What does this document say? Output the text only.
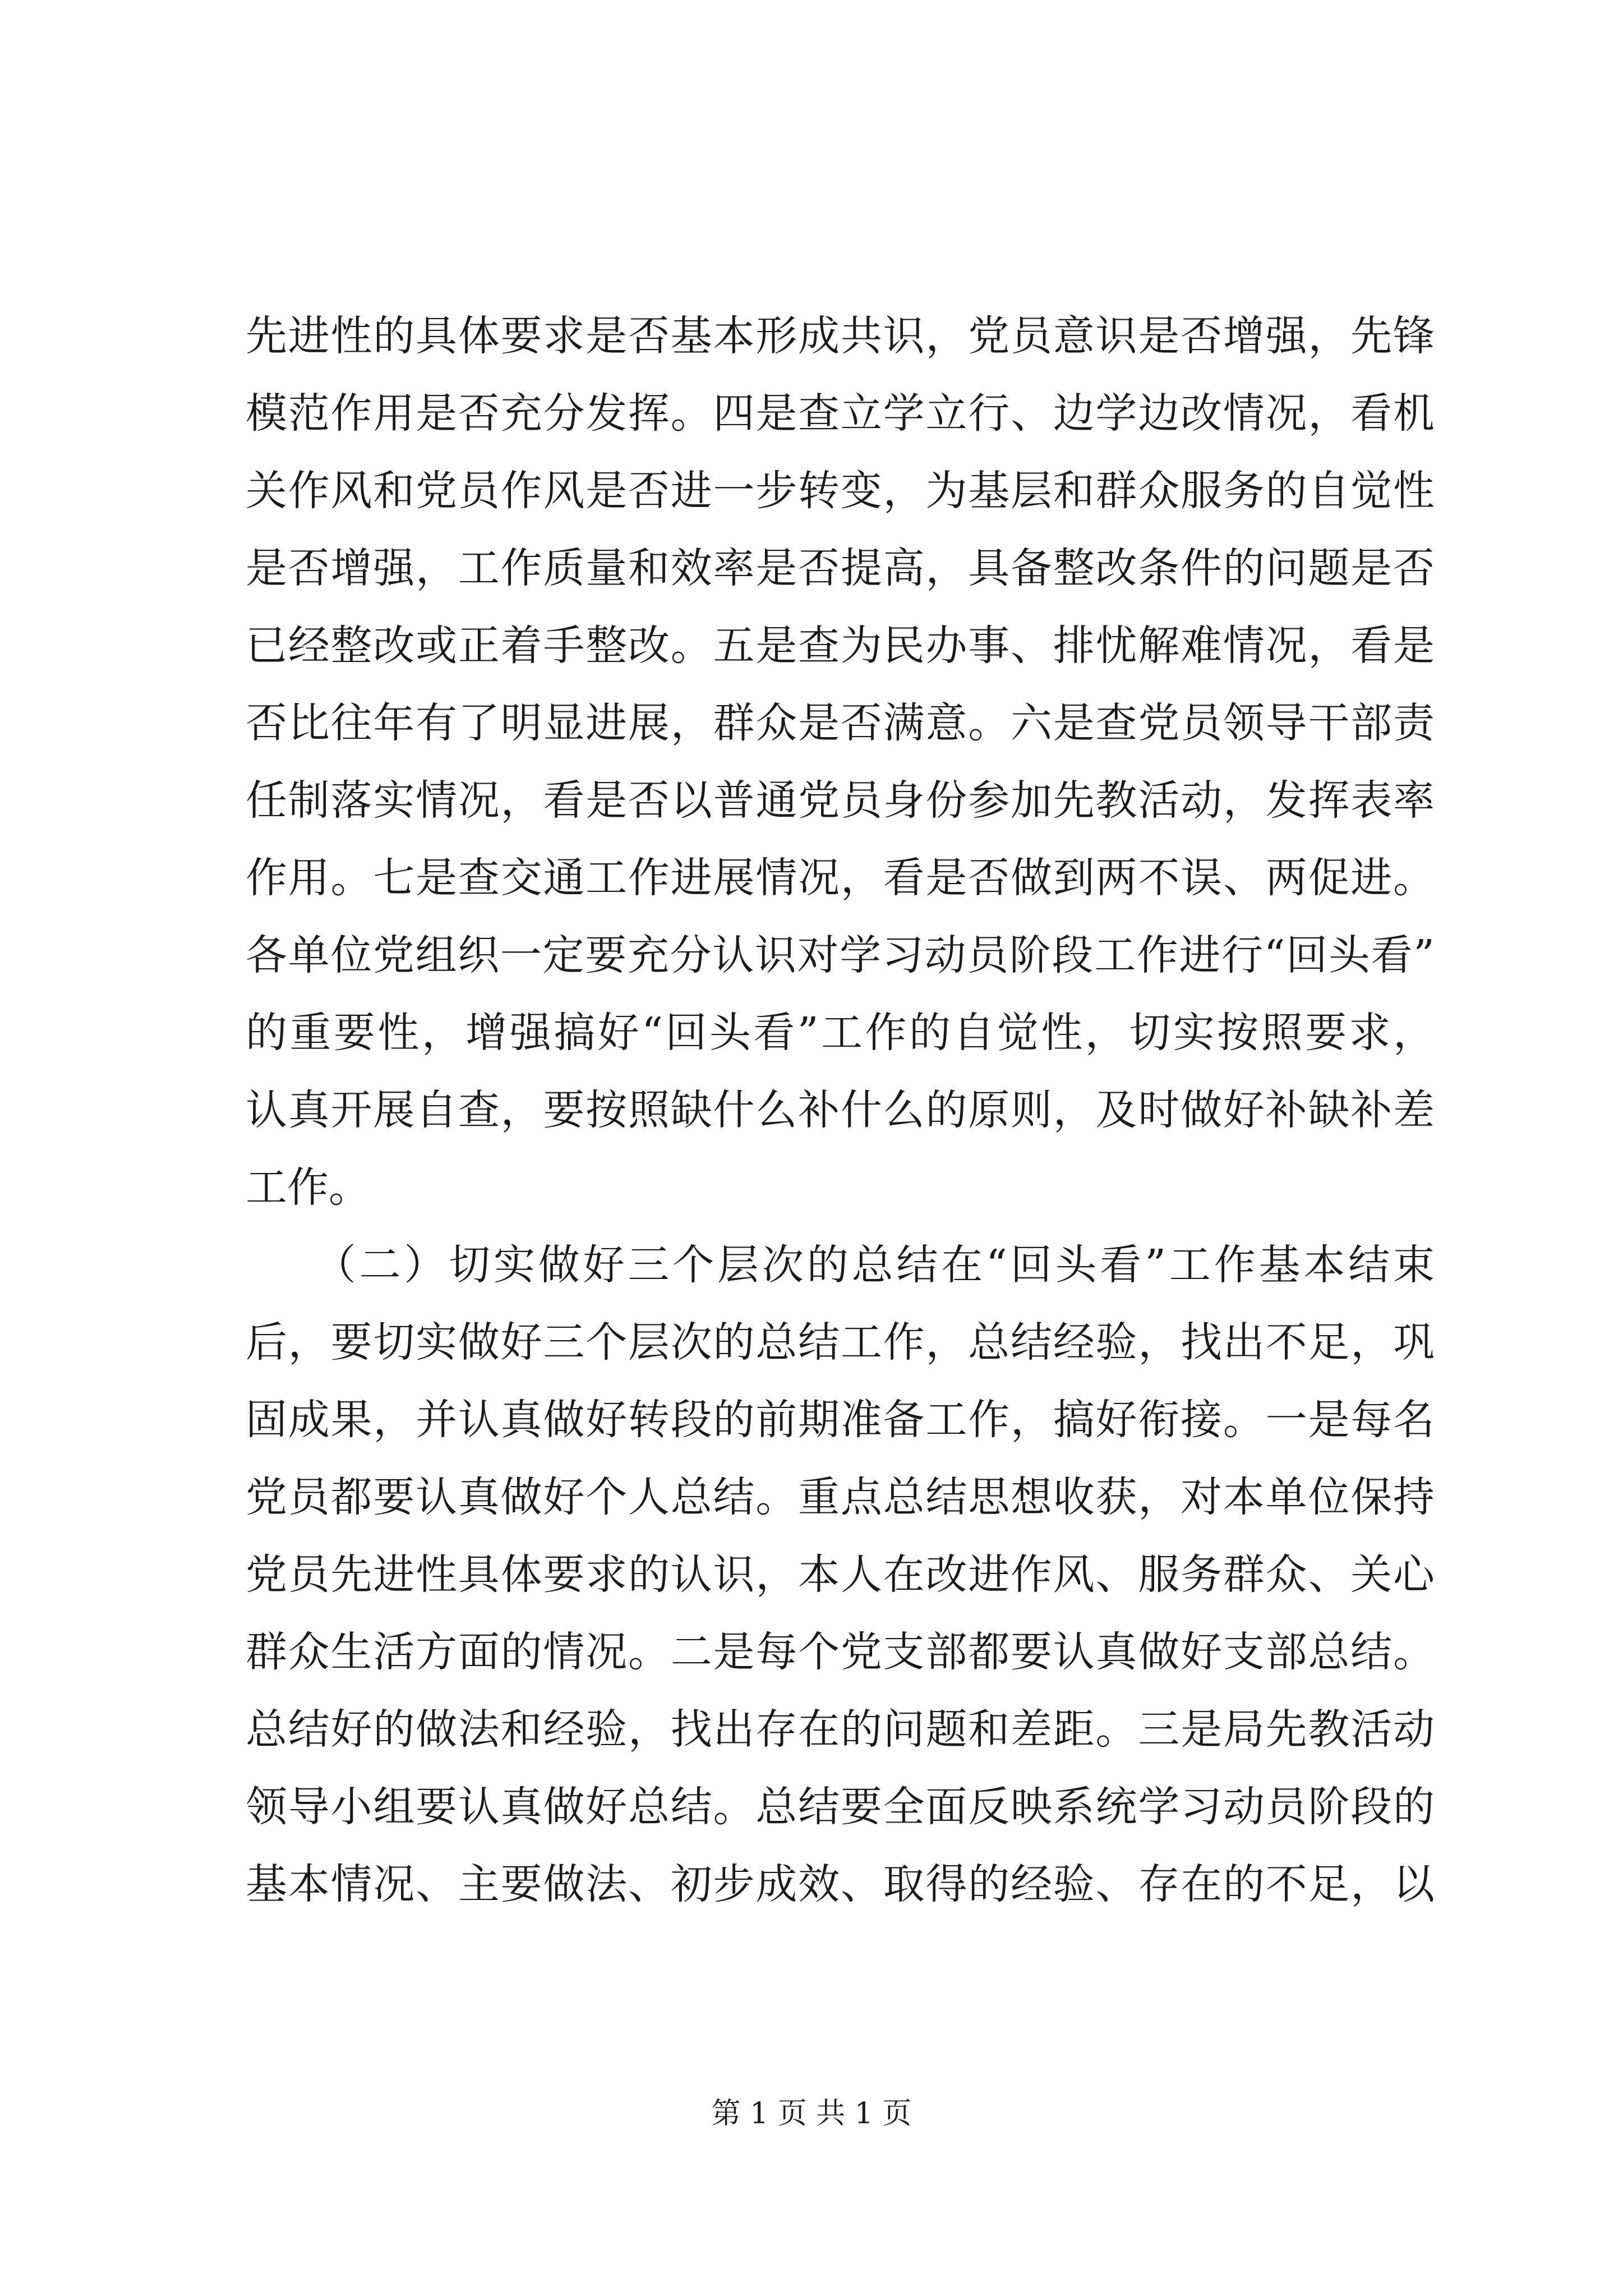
先进性的具体要求是否基本形成共识，党员意识是否增强，先锋
模范作用是否充分发挥。四是查立学立行、边学边改情况，看机
关作风和党员作风是否进一步转变，为基层和群众服务的自觉性
是否增强，工作质量和效率是否提高，具备整改条件的问题是否
已经整改或正着手整改。五是查为民办事、排忧解难情况，看是
否比往年有了明显进展，群众是否满意。六是查党员领导干部责
任制落实情况，看是否以普通党员身份参加先教活动，发挥表率
作用。七是查交通工作进展情况，看是否做到两不误、两促进。
各单位党组织一定要充分认识对学习动员阶段工作进行“回头看”
的重要性，增强搞好“回头看”工作的自觉性，切实按照要求，
认真开展自查，要按照缺什么补什么的原则，及时做好补缺补差
工作。
　　（二）切实做好三个层次的总结在“回头看”工作基本结束
后，要切实做好三个层次的总结工作，总结经验，找出不足，巩
固成果，并认真做好转段的前期准备工作，搞好衔接。一是每名
党员都要认真做好个人总结。重点总结思想收获，对本单位保持
党员先进性具体要求的认识，本人在改进作风、服务群众、关心
群众生活方面的情况。二是每个党支部都要认真做好支部总结。
总结好的做法和经验，找出存在的问题和差距。三是局先教活动
领导小组要认真做好总结。总结要全面反映系统学习动员阶段的
基本情况、主要做法、初步成效、取得的经验、存在的不足，以
第 1 页 共 1 页
